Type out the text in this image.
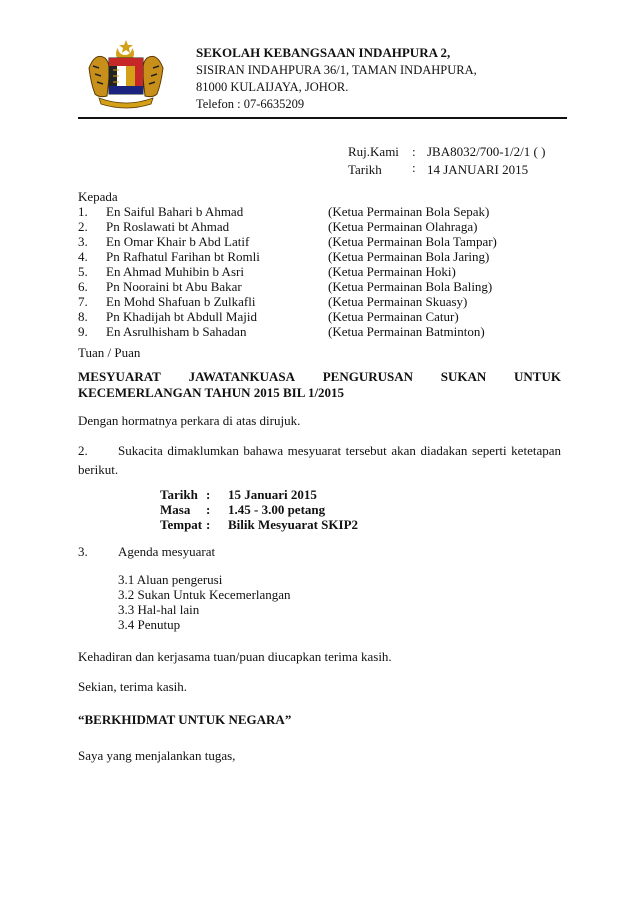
SEKOLAH KEBANGSAAN INDAHPURA 2,
SISIRAN INDAHPURA 36/1, TAMAN INDAHPURA,
81000 KULAIJAYA, JOHOR.
Telefon : 07-6635209
Ruj.Kami : JBA8032/700-1/2/1 ( )
Tarikh : 14 JANUARI 2015
Kepada
1. En Saiful Bahari b Ahmad	(Ketua Permainan Bola Sepak)
2. Pn Roslawati bt Ahmad	(Ketua Permainan Olahraga)
3. En Omar Khair b Abd Latif	(Ketua Permainan Bola Tampar)
4. Pn Rafhatul Farihan bt Romli	(Ketua Permainan Bola Jaring)
5. En Ahmad Muhibin b Asri	(Ketua Permainan Hoki)
6. Pn Nooraini bt Abu Bakar	(Ketua Permainan Bola Baling)
7. En Mohd Shafuan b Zulkafli	(Ketua Permainan Skuasy)
8. Pn Khadijah bt Abdull Majid	(Ketua Permainan Catur)
9. En Asrulhisham b Sahadan	(Ketua Permainan Batminton)
Tuan / Puan
MESYUARAT JAWATANKUASA PENGURUSAN SUKAN UNTUK
KECEMERLANGAN TAHUN 2015 BIL 1/2015
Dengan hormatnya perkara di atas dirujuk.
2. Sukacita dimaklumkan bahawa mesyuarat tersebut akan diadakan seperti ketetapan berikut.
Tarikh : 15 Januari 2015
Masa : 1.45 - 3.00 petang
Tempat : Bilik Mesyuarat SKIP2
3. Agenda mesyuarat
3.1 Aluan pengerusi
3.2 Sukan Untuk Kecemerlangan
3.3 Hal-hal lain
3.4 Penutup
Kehadiran dan kerjasama tuan/puan diucapkan terima kasih.
Sekian, terima kasih.
“BERKHIDMAT UNTUK NEGARA”
Saya yang menjalankan tugas,
